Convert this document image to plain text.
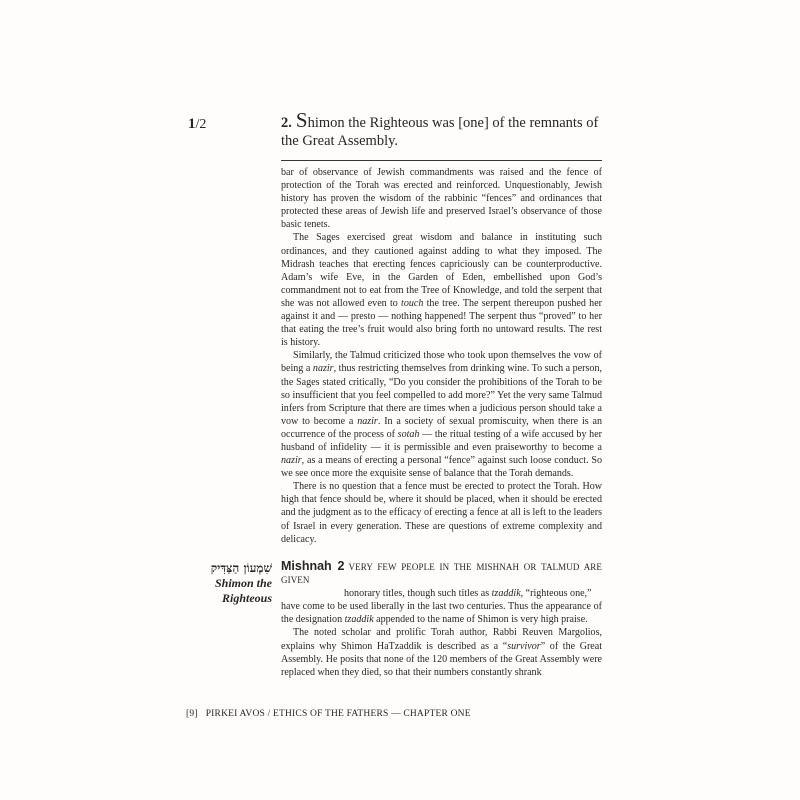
1/2	2. Shimon the Righteous was [one] of the remnants of the Great Assembly.

bar of observance of Jewish commandments was raised and the fence of protection of the Torah was erected and reinforced. Unquestionably, Jewish history has proven the wisdom of the rabbinic “fences” and ordinances that protected these areas of Jewish life and preserved Israel’s observance of those basic tenets.

The Sages exercised great wisdom and balance in instituting such ordinances, and they cautioned against adding to what they imposed. The Midrash teaches that erecting fences capriciously can be counterproductive. Adam’s wife Eve, in the Garden of Eden, embellished upon God’s commandment not to eat from the Tree of Knowledge, and told the serpent that she was not allowed even to touch the tree. The serpent thereupon pushed her against it and — presto — nothing happened! The serpent thus “proved” to her that eating the tree’s fruit would also bring forth no untoward results. The rest is history.

Similarly, the Talmud criticized those who took upon themselves the vow of being a nazir, thus restricting themselves from drinking wine. To such a person, the Sages stated critically, “Do you consider the prohibitions of the Torah to be so insufficient that you feel compelled to add more?” Yet the very same Talmud infers from Scripture that there are times when a judicious person should take a vow to become a nazir. In a society of sexual promiscuity, when there is an occurrence of the process of sotah — the ritual testing of a wife accused by her husband of infidelity — it is permissible and even praiseworthy to become a nazir, as a means of erecting a personal “fence” against such loose conduct. So we see once more the exquisite sense of balance that the Torah demands.

There is no question that a fence must be erected to protect the Torah. How high that fence should be, where it should be placed, when it should be erected and the judgment as to the efficacy of erecting a fence at all is left to the leaders of Israel in every generation. These are questions of extreme complexity and delicacy.

שִׁמְעוֹן הַצַּדִּיק
Shimon the
Righteous

Mishnah 2 VERY FEW PEOPLE IN THE MISHNAH OR TALMUD ARE GIVEN

honorary titles, though such titles as tzaddik, “righteous one,”

have come to be used liberally in the last two centuries. Thus the appearance of the designation tzaddik appended to the name of Shimon is very high praise.

The noted scholar and prolific Torah author, Rabbi Reuven Margolios, explains why Shimon HaTzaddik is described as a “survivor” of the Great Assembly. He posits that none of the 120 members of the Great Assembly were replaced when they died, so that their numbers constantly shrank

[9] PIRKEI AVOS / ETHICS OF THE FATHERS — CHAPTER ONE
